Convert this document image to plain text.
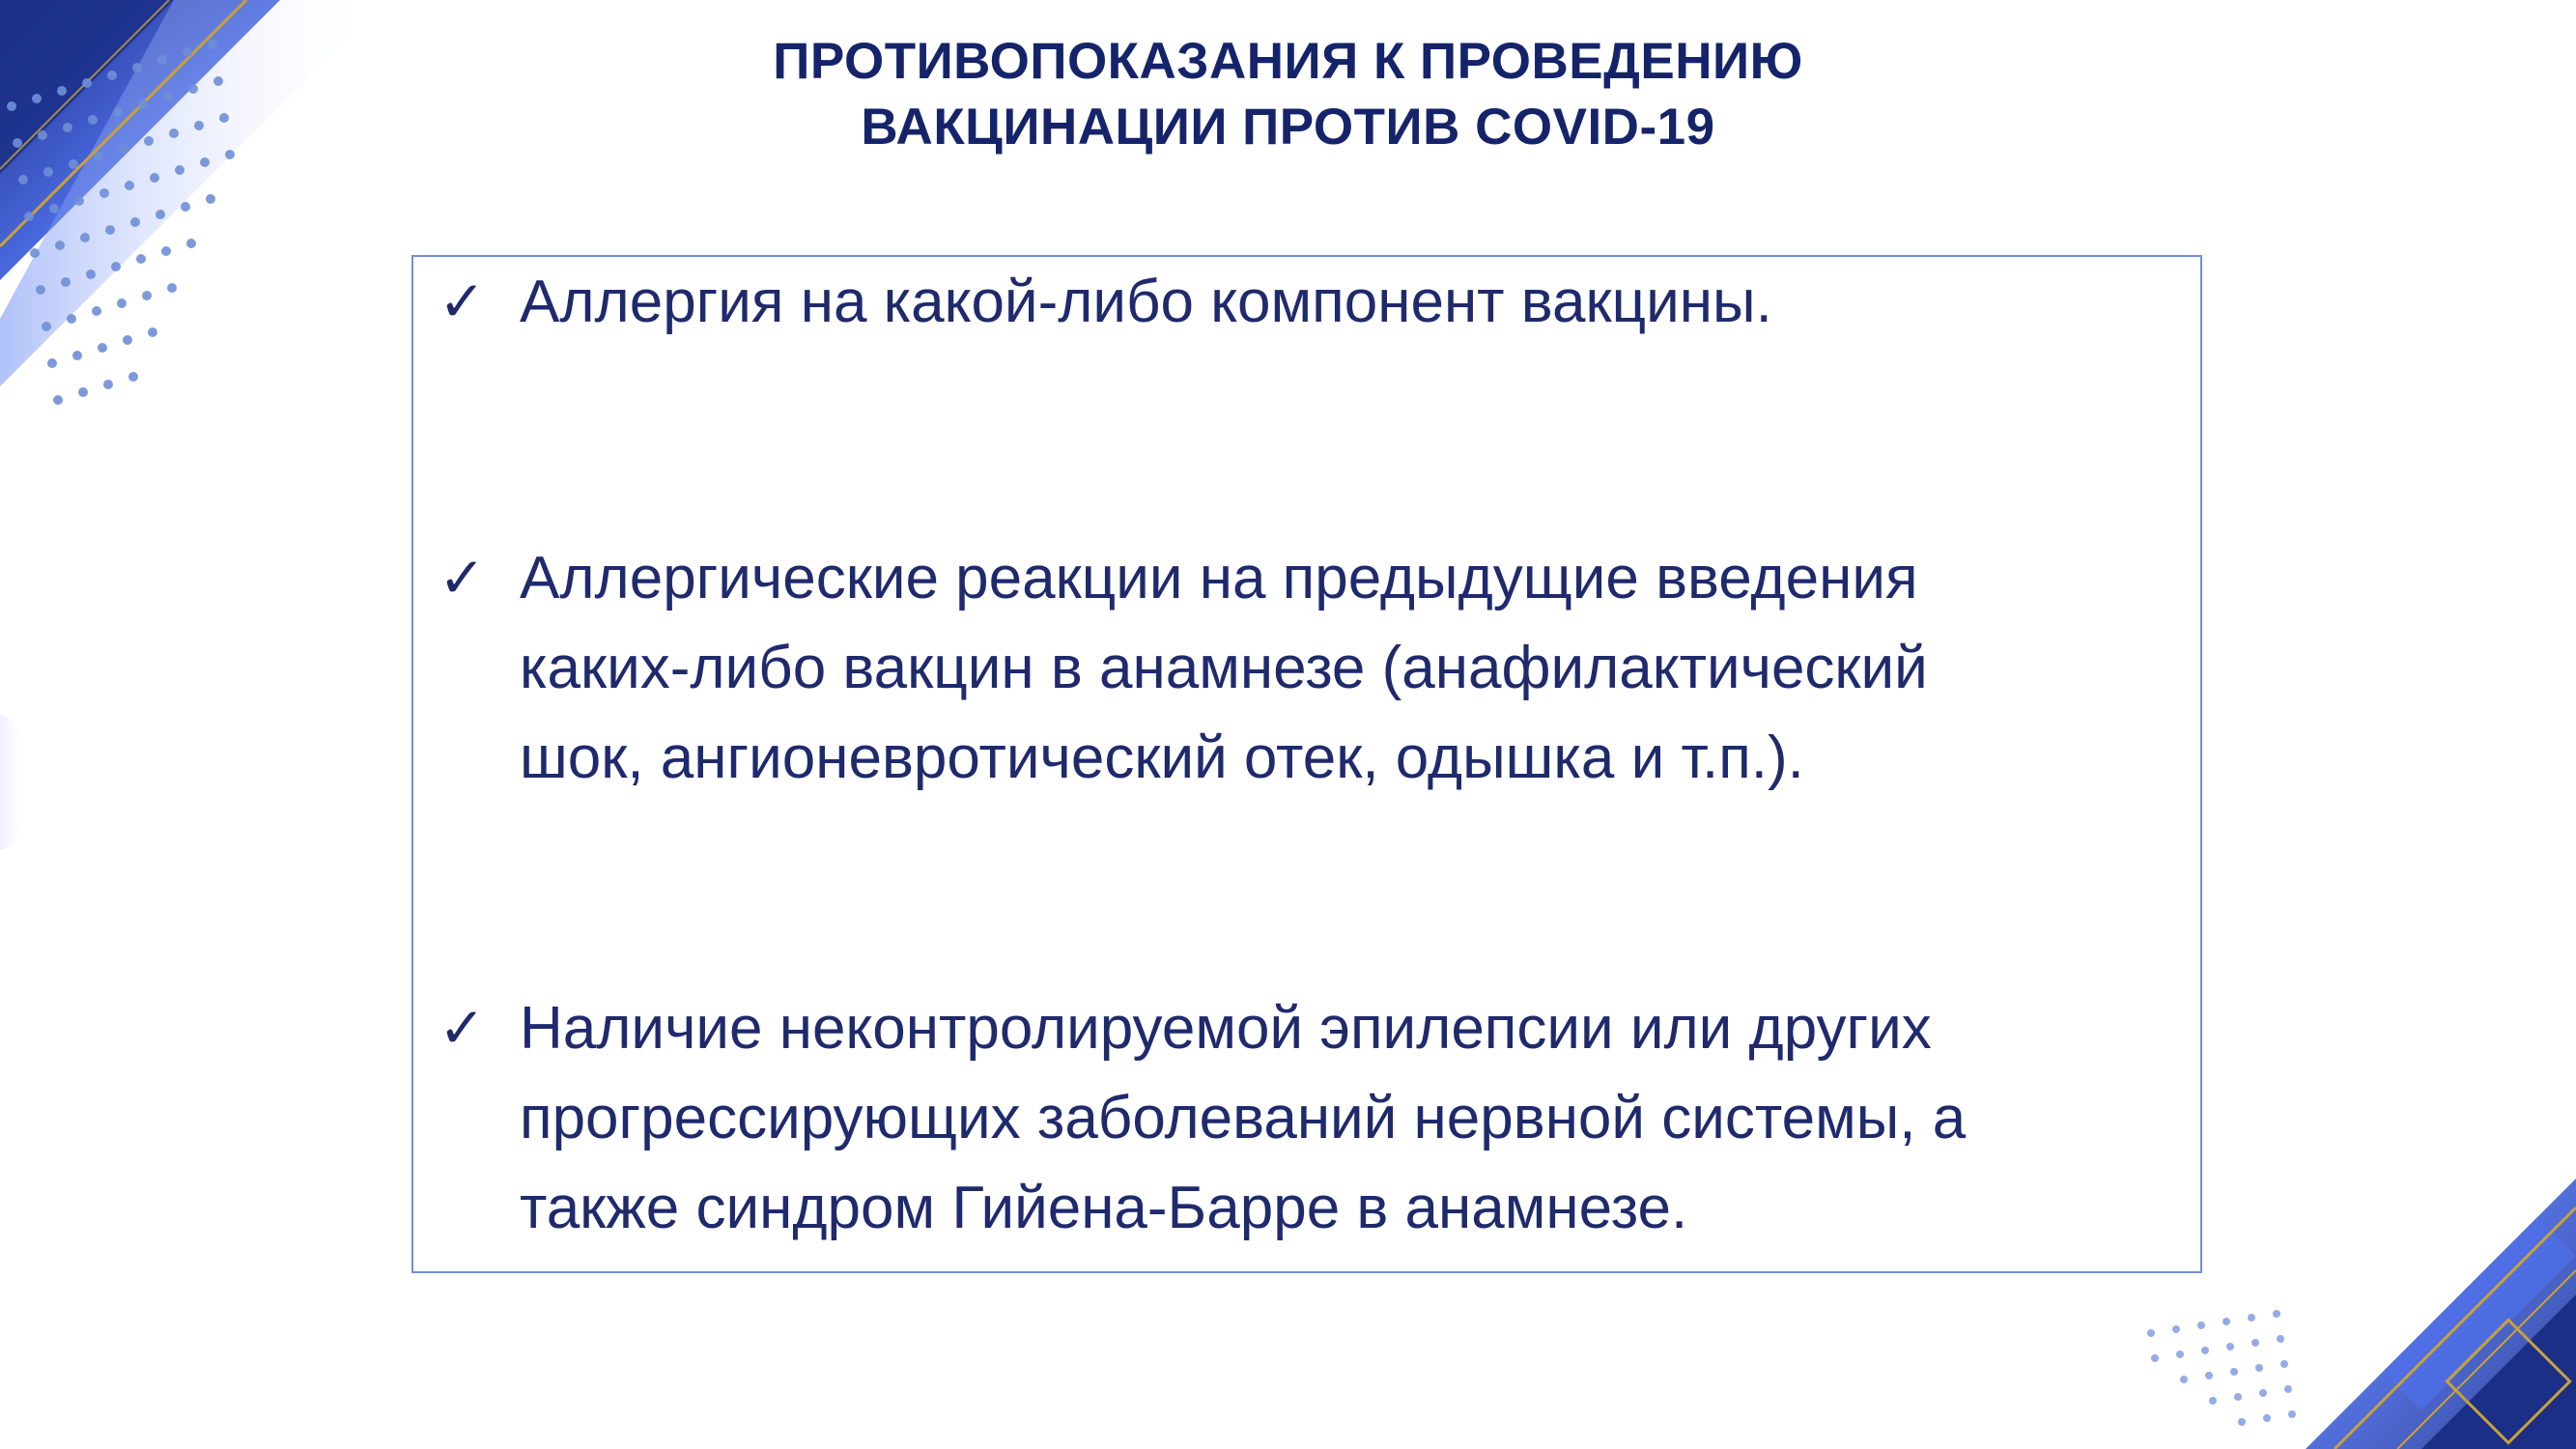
ПРОТИВОПОКАЗАНИЯ К ПРОВЕДЕНИЮ
ВАКЦИНАЦИИ ПРОТИВ COVID-19
✓ Аллергия на какой-либо компонент вакцины.
✓ Аллергические реакции на предыдущие введения
каких-либо вакцин в анамнезе (анафилактический
шок, ангионевротический отек, одышка и т.п.).
✓ Наличие неконтролируемой эпилепсии или других
прогрессирующих заболеваний нервной системы, а
также синдром Гийена-Барре в анамнезе.
